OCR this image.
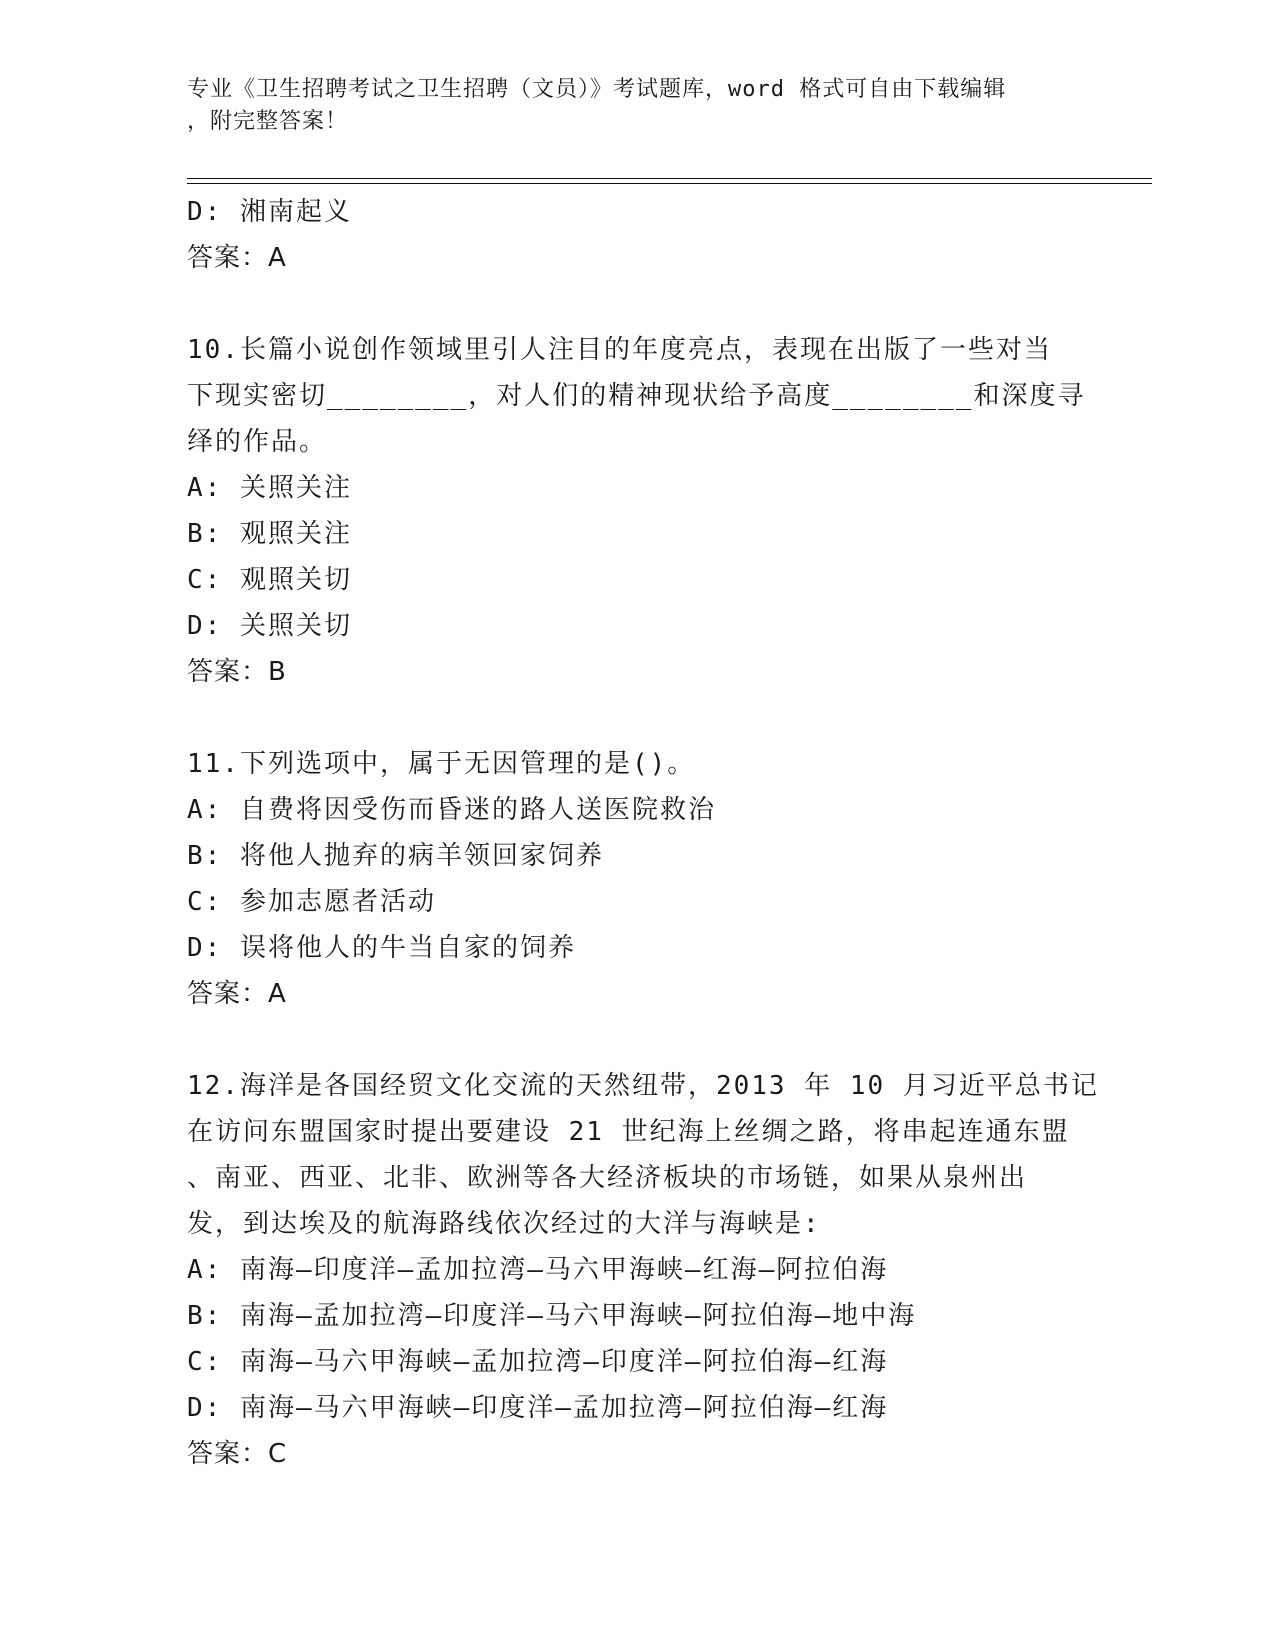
专业《卫生招聘考试之卫生招聘（文员）》考试题库，word 格式可自由下载编辑
，附完整答案！

D: 湘南起义
答案：A
10.长篇小说创作领域里引人注目的年度亮点，表现在出版了一些对当
下现实密切________，对人们的精神现状给予高度________和深度寻
绎的作品。
A: 关照关注
B: 观照关注
C: 观照关切
D: 关照关切
答案：B
11.下列选项中，属于无因管理的是()。
A: 自费将因受伤而昏迷的路人送医院救治
B: 将他人抛弃的病羊领回家饲养
C: 参加志愿者活动
D: 误将他人的牛当自家的饲养
答案：A
12.海洋是各国经贸文化交流的天然纽带，2013 年 10 月习近平总书记
在访问东盟国家时提出要建设 21 世纪海上丝绸之路，将串起连通东盟
、南亚、西亚、北非、欧洲等各大经济板块的市场链，如果从泉州出
发，到达埃及的航海路线依次经过的大洋与海峡是:
A: 南海—印度洋—孟加拉湾—马六甲海峡—红海—阿拉伯海
B: 南海—孟加拉湾—印度洋—马六甲海峡—阿拉伯海—地中海
C: 南海—马六甲海峡—孟加拉湾—印度洋—阿拉伯海—红海
D: 南海—马六甲海峡—印度洋—孟加拉湾—阿拉伯海—红海
答案：C
